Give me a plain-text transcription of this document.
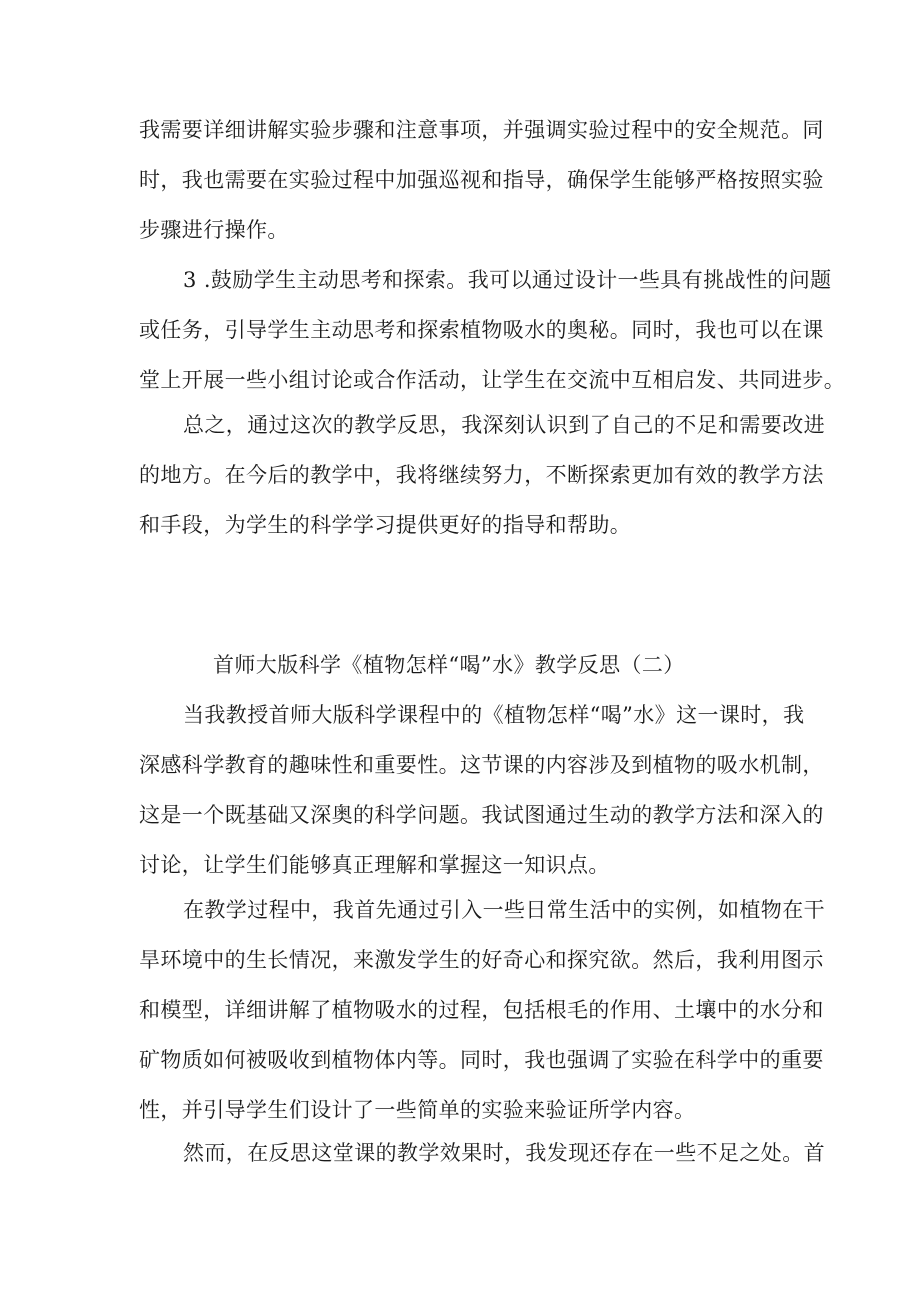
我需要详细讲解实验步骤和注意事项，并强调实验过程中的安全规范。同
时，我也需要在实验过程中加强巡视和指导，确保学生能够严格按照实验
步骤进行操作。
3 .鼓励学生主动思考和探索。我可以通过设计一些具有挑战性的问题
或任务，引导学生主动思考和探索植物吸水的奥秘。同时，我也可以在课
堂上开展一些小组讨论或合作活动，让学生在交流中互相启发、共同进步。
总之，通过这次的教学反思，我深刻认识到了自己的不足和需要改进
的地方。在今后的教学中，我将继续努力，不断探索更加有效的教学方法
和手段，为学生的科学学习提供更好的指导和帮助。
首师大版科学《植物怎样“喝”水》教学反思（二）
当我教授首师大版科学课程中的《植物怎样“喝”水》这一课时，我
深感科学教育的趣味性和重要性。这节课的内容涉及到植物的吸水机制，
这是一个既基础又深奥的科学问题。我试图通过生动的教学方法和深入的
讨论，让学生们能够真正理解和掌握这一知识点。
在教学过程中，我首先通过引入一些日常生活中的实例，如植物在干
旱环境中的生长情况，来激发学生的好奇心和探究欲。然后，我利用图示
和模型，详细讲解了植物吸水的过程，包括根毛的作用、土壤中的水分和
矿物质如何被吸收到植物体内等。同时，我也强调了实验在科学中的重要
性，并引导学生们设计了一些简单的实验来验证所学内容。
然而，在反思这堂课的教学效果时，我发现还存在一些不足之处。首
